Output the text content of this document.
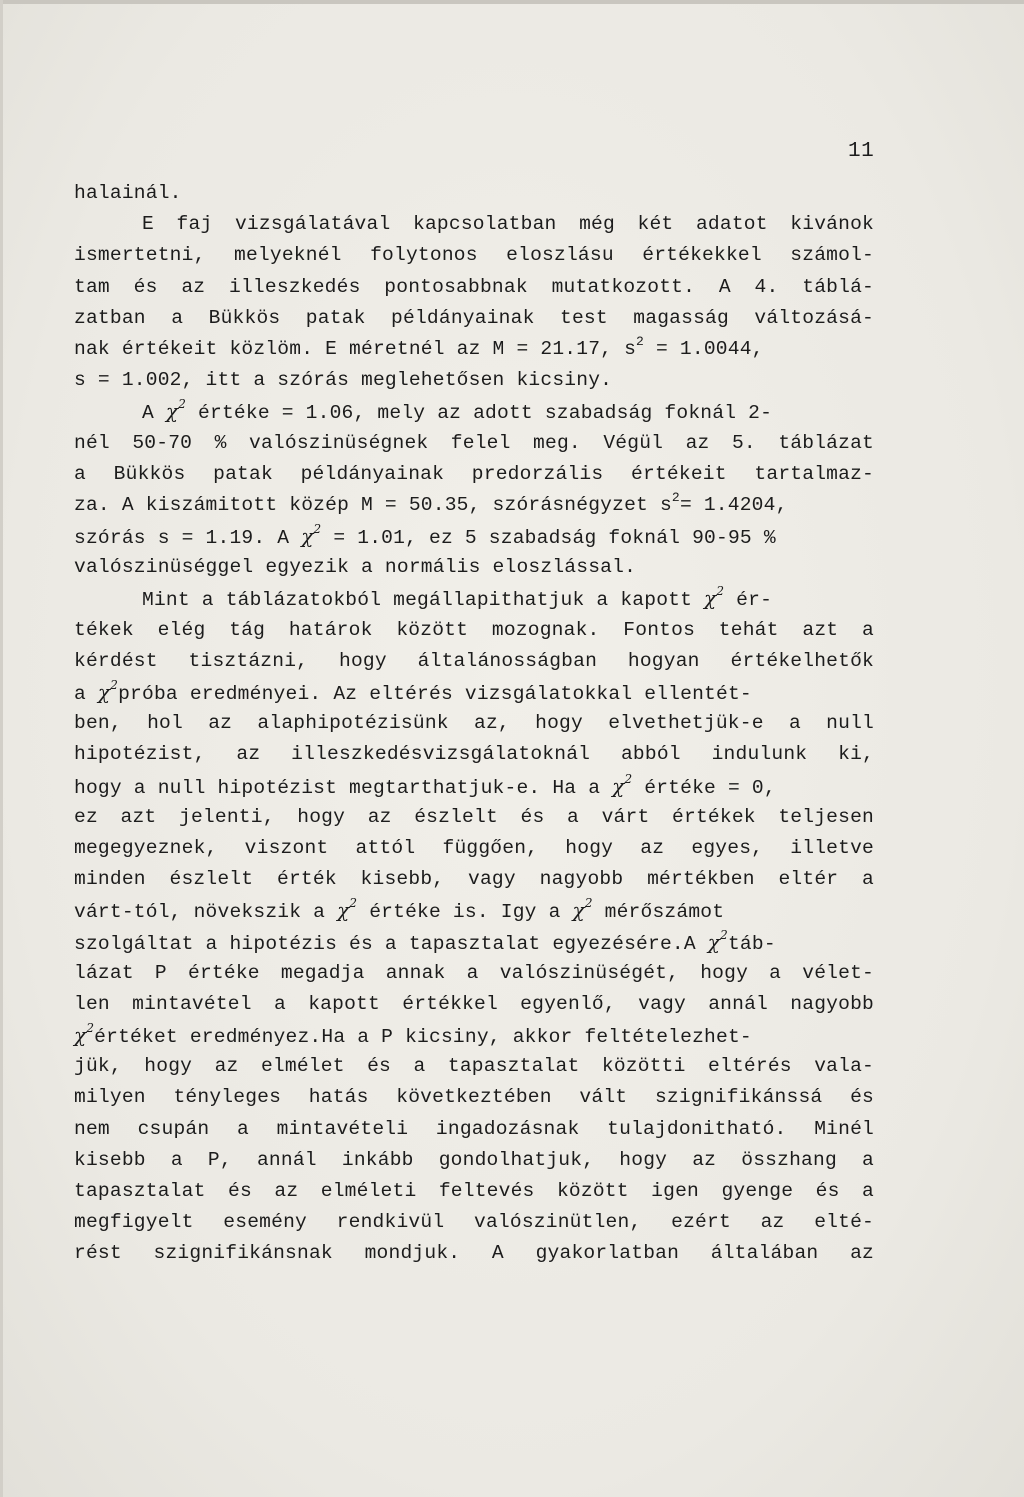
11
halainál.
E faj vizsgálatával kapcsolatban még két adatot kivánok
ismertetni, melyeknél folytonos eloszlásu értékekkel számol-
tam és az illeszkedés pontosabbnak mutatkozott. A 4. táblá-
zatban a Bükkös patak példányainak test magasság változásá-
nak értékeit közlöm. E méretnél az M = 21.17, $s^2 = 1.0044$,
s = 1.002, itt a szórás meglehetősen kicsiny.
A $\chi^2$ értéke = 1.06, mely az adott szabadság foknál 2-
nél 50-70 % valószinüségnek felel meg. Végül az 5. táblázat
a Bükkös patak példányainak predorzális értékeit tartalmaz-
za. A kiszámitott közép M = 50.35, szórásnégyzet $s^2= 1.4204$,
szórás s = 1.19. A $\chi^2 = 1.01$, ez 5 szabadság foknál 90-95 %
valószinüséggel egyezik a normális eloszlással.
Mint a táblázatokból megállapithatjuk a kapott $\chi^2$ ér-
tékek elég tág határok között mozognak. Fontos tehát azt a
kérdést tisztázni, hogy általánosságban hogyan értékelhetők
a $\chi^2próba$ eredményei. Az eltérés vizsgálatokkal ellentét-
ben, hol az alaphipotézisünk az, hogy elvethetjük-e a null
hipotézist, az illeszkedésvizsgálatoknál abból indulunk ki,
hogy a null hipotézist megtarthatjuk-e. Ha a $\chi^2$ értéke = 0,
ez azt jelenti, hogy az észlelt és a várt értékek teljesen
megegyeznek, viszont attól függően, hogy az egyes, illetve
minden észlelt érték kisebb, vagy nagyobb mértékben eltér a
várt-tól, növekszik a $\chi^2$ értéke is. Igy a $\chi^2$ mérőszámot
szolgáltat a hipotézis és a tapasztalat egyezésére.A $\chi^2táb-$
lázat P értéke megadja annak a valószinüségét, hogy a vélet-
len mintavétel a kapott értékkel egyenlő, vagy annál nagyobb
$\chi^2értéket$ eredményez.Ha a P kicsiny, akkor feltételezhet-
jük, hogy az elmélet és a tapasztalat közötti eltérés vala-
milyen tényleges hatás következtében vált szignifikánssá és
nem csupán a mintavételi ingadozásnak tulajdonitható. Minél
kisebb a P, annál inkább gondolhatjuk, hogy az összhang a
tapasztalat és az elméleti feltevés között igen gyenge és a
megfigyelt esemény rendkivül valószinütlen, ezért az elté-
rést szignifikánsnak mondjuk. A gyakorlatban általában az
